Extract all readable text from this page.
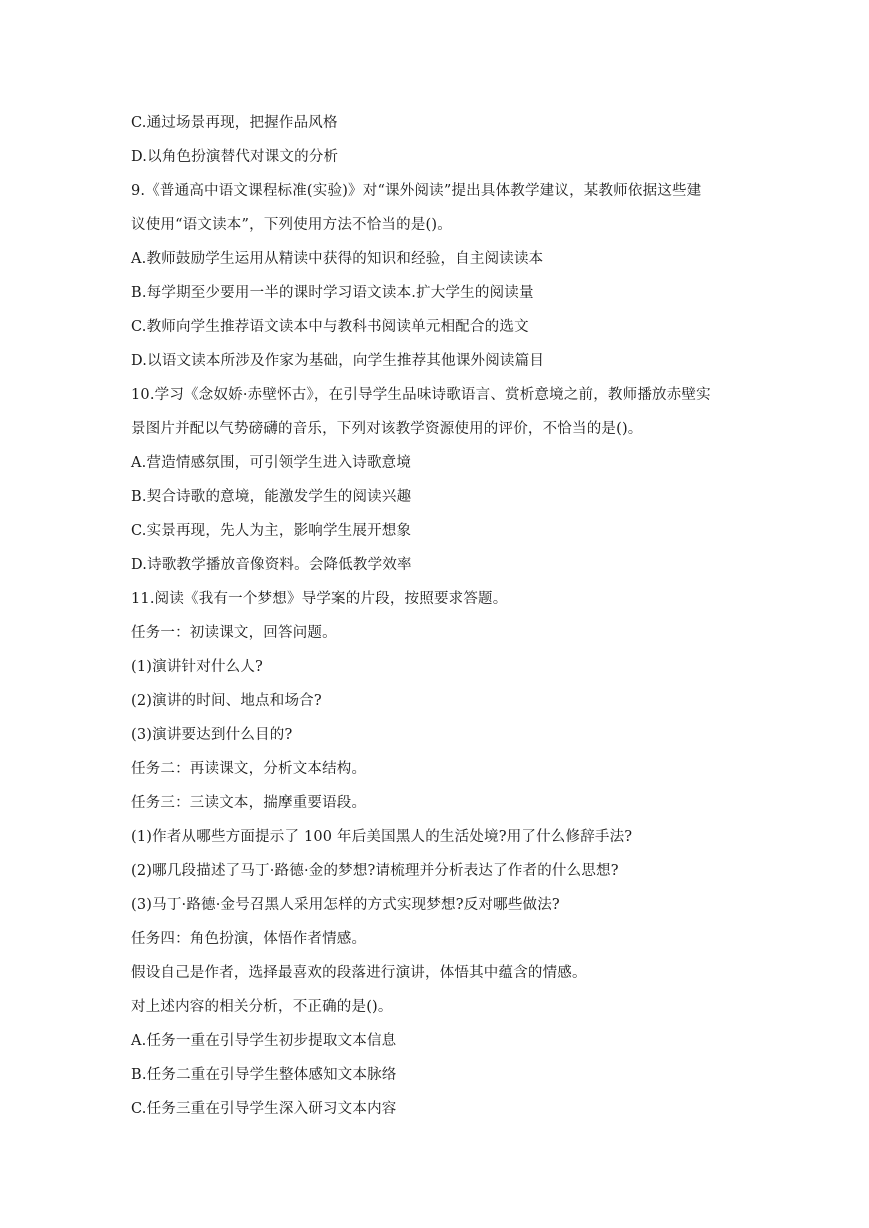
C.通过场景再现，把握作品风格
D.以角色扮演替代对课文的分析
9.《普通高中语文课程标准(实验)》对“课外阅读”提出具体教学建议，某教师依据这些建
议使用“语文读本”，下列使用方法不恰当的是()。
A.教师鼓励学生运用从精读中获得的知识和经验，自主阅读读本
B.每学期至少要用一半的课时学习语文读本.扩大学生的阅读量
C.教师向学生推荐语文读本中与教科书阅读单元相配合的选文
D.以语文读本所涉及作家为基础，向学生推荐其他课外阅读篇目
10.学习《念奴娇·赤壁怀古》，在引导学生品味诗歌语言、赏析意境之前，教师播放赤壁实
景图片并配以气势磅礴的音乐，下列对该教学资源使用的评价，不恰当的是()。
A.营造情感氛围，可引领学生进入诗歌意境
B.契合诗歌的意境，能激发学生的阅读兴趣
C.实景再现，先人为主，影响学生展开想象
D.诗歌教学播放音像资料。会降低教学效率
11.阅读《我有一个梦想》导学案的片段，按照要求答题。
任务一：初读课文，回答问题。
(1)演讲针对什么人?
(2)演讲的时间、地点和场合?
(3)演讲要达到什么目的?
任务二：再读课文，分析文本结构。
任务三：三读文本，揣摩重要语段。
(1)作者从哪些方面提示了 100 年后美国黑人的生活处境?用了什么修辞手法?
(2)哪几段描述了马丁·路德·金的梦想?请梳理并分析表达了作者的什么思想?
(3)马丁·路德·金号召黑人采用怎样的方式实现梦想?反对哪些做法?
任务四：角色扮演，体悟作者情感。
假设自己是作者，选择最喜欢的段落进行演讲，体悟其中蕴含的情感。
对上述内容的相关分析，不正确的是()。
A.任务一重在引导学生初步提取文本信息
B.任务二重在引导学生整体感知文本脉络
C.任务三重在引导学生深入研习文本内容
